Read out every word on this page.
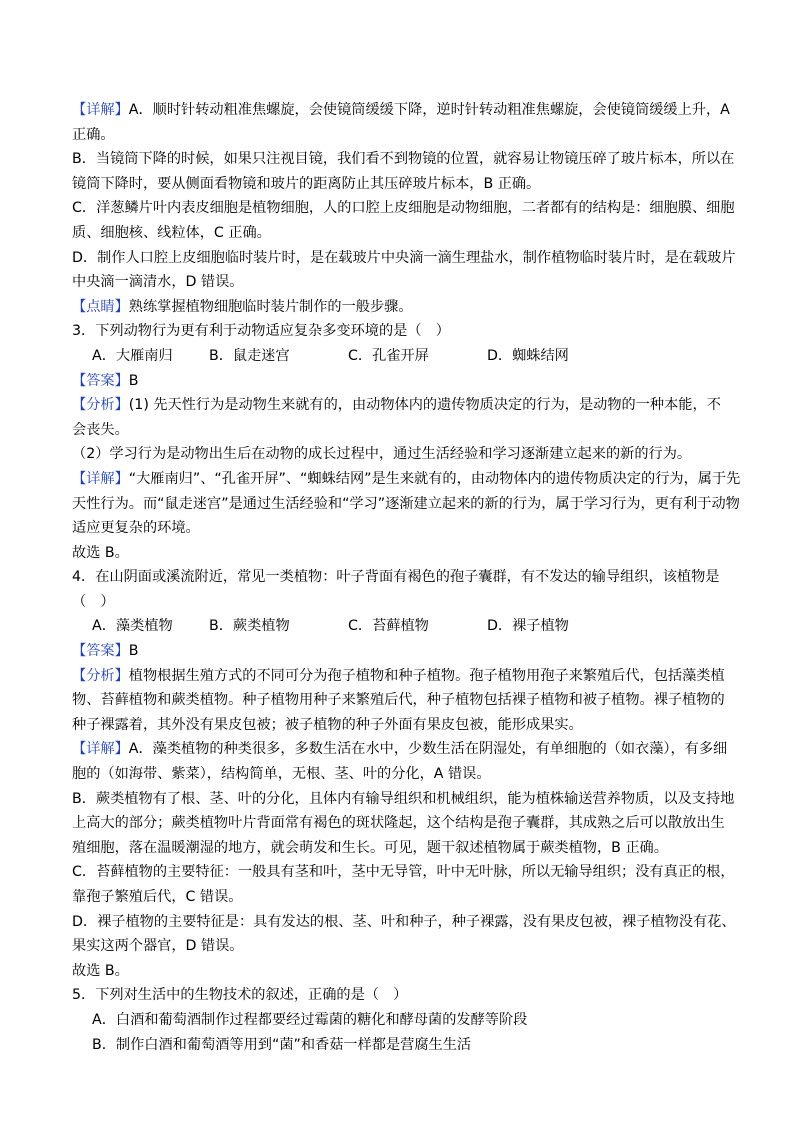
【详解】A．顺时针转动粗准焦螺旋，会使镜筒缓缓下降，逆时针转动粗准焦螺旋，会使镜筒缓缓上升，A
正确。
B．当镜筒下降的时候，如果只注视目镜，我们看不到物镜的位置，就容易让物镜压碎了玻片标本，所以在
镜筒下降时，要从侧面看物镜和玻片的距离防止其压碎玻片标本，B 正确。
C．洋葱鳞片叶内表皮细胞是植物细胞，人的口腔上皮细胞是动物细胞，二者都有的结构是：细胞膜、细胞
质、细胞核、线粒体，C 正确。
D．制作人口腔上皮细胞临时装片时，是在载玻片中央滴一滴生理盐水，制作植物临时装片时，是在载玻片
中央滴一滴清水，D 错误。
【点睛】熟练掌握植物细胞临时装片制作的一般步骤。
3．下列动物行为更有利于动物适应复杂多变环境的是（　）
A．大雁南归	B．鼠走迷宫	C．孔雀开屏	D．蜘蛛结网
【答案】B
【分析】(1) 先天性行为是动物生来就有的，由动物体内的遗传物质决定的行为，是动物的一种本能，不
会丧失。
（2）学习行为是动物出生后在动物的成长过程中，通过生活经验和学习逐渐建立起来的新的行为。
【详解】“大雁南归”、“孔雀开屏”、“蜘蛛结网”是生来就有的，由动物体内的遗传物质决定的行为，属于先
天性行为。而“鼠走迷宫”是通过生活经验和“学习”逐渐建立起来的新的行为，属于学习行为，更有利于动物
适应更复杂的环境。
故选 B。
4．在山阴面或溪流附近，常见一类植物：叶子背面有褐色的孢子囊群，有不发达的输导组织，该植物是
（　）
A．藻类植物	B．蕨类植物	C．苔藓植物	D．裸子植物
【答案】B
【分析】植物根据生殖方式的不同可分为孢子植物和种子植物。孢子植物用孢子来繁殖后代，包括藻类植
物、苔藓植物和蕨类植物。种子植物用种子来繁殖后代，种子植物包括裸子植物和被子植物。裸子植物的
种子裸露着，其外没有果皮包被；被子植物的种子外面有果皮包被，能形成果实。
【详解】A．藻类植物的种类很多，多数生活在水中，少数生活在阴湿处，有单细胞的（如衣藻），有多细
胞的（如海带、紫菜），结构简单，无根、茎、叶的分化，A 错误。
B．蕨类植物有了根、茎、叶的分化，且体内有输导组织和机械组织，能为植株输送营养物质，以及支持地
上高大的部分；蕨类植物叶片背面常有褐色的斑状隆起，这个结构是孢子囊群，其成熟之后可以散放出生
殖细胞，落在温暖潮湿的地方，就会萌发和生长。可见，题干叙述植物属于蕨类植物，B 正确。
C．苔藓植物的主要特征：一般具有茎和叶，茎中无导管，叶中无叶脉，所以无输导组织；没有真正的根，
靠孢子繁殖后代，C 错误。
D．裸子植物的主要特征是：具有发达的根、茎、叶和种子，种子裸露，没有果皮包被，裸子植物没有花、
果实这两个器官，D 错误。
故选 B。
5．下列对生活中的生物技术的叙述，正确的是（　）
A．白酒和葡萄酒制作过程都要经过霉菌的糖化和酵母菌的发酵等阶段
B．制作白酒和葡萄酒等用到“菌”和香菇一样都是营腐生生活
